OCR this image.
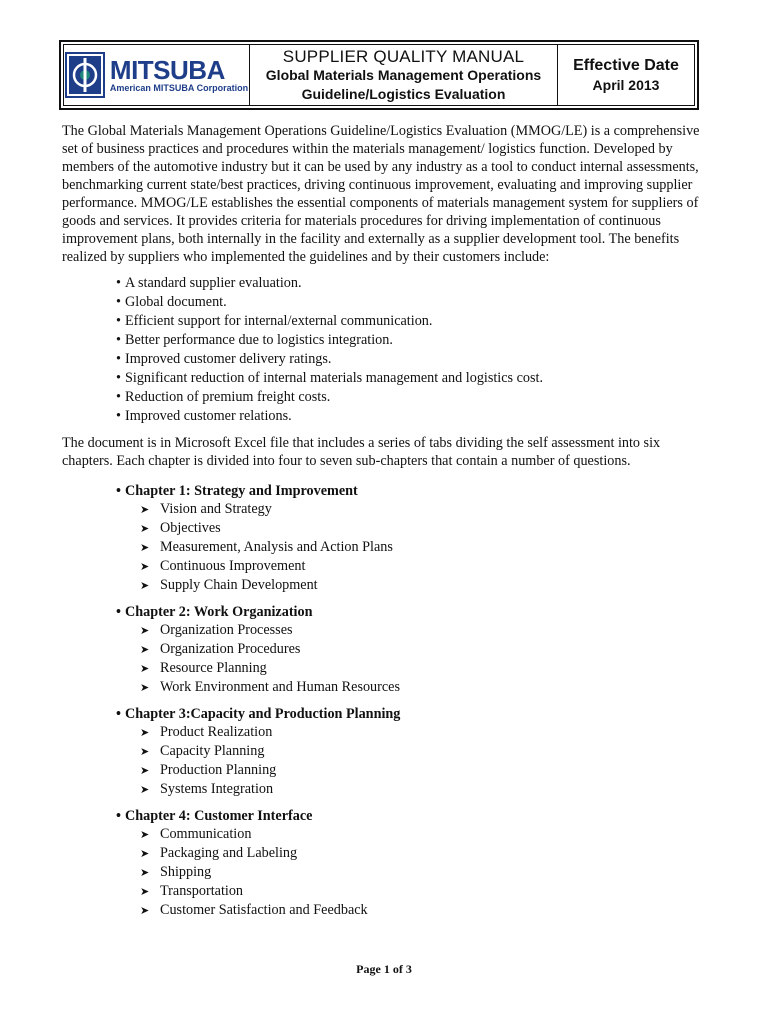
MITSUBA
American MITSUBA Corporation
SUPPLIER QUALITY MANUAL
Global Materials Management Operations
Guideline/Logistics Evaluation
Effective Date
April 2013

The Global Materials Management Operations Guideline/Logistics Evaluation (MMOG/LE) is a comprehensive set of business practices and procedures within the materials management/ logistics function. Developed by members of the automotive industry but it can be used by any industry as a tool to conduct internal assessments, benchmarking current state/best practices, driving continuous improvement, evaluating and improving supplier performance. MMOG/LE establishes the essential components of materials management system for suppliers of goods and services. It provides criteria for materials procedures for driving implementation of continuous improvement plans, both internally in the facility and externally as a supplier development tool. The benefits realized by suppliers who implemented the guidelines and by their customers include:

• A standard supplier evaluation.
• Global document.
• Efficient support for internal/external communication.
• Better performance due to logistics integration.
• Improved customer delivery ratings.
• Significant reduction of internal materials management and logistics cost.
• Reduction of premium freight costs.
• Improved customer relations.

The document is in Microsoft Excel file that includes a series of tabs dividing the self assessment into six chapters. Each chapter is divided into four to seven sub-chapters that contain a number of questions.

• Chapter 1: Strategy and Improvement
➤ Vision and Strategy
➤ Objectives
➤ Measurement, Analysis and Action Plans
➤ Continuous Improvement
➤ Supply Chain Development
• Chapter 2: Work Organization
➤ Organization Processes
➤ Organization Procedures
➤ Resource Planning
➤ Work Environment and Human Resources
• Chapter 3:Capacity and Production Planning
➤ Product Realization
➤ Capacity Planning
➤ Production Planning
➤ Systems Integration
• Chapter 4: Customer Interface
➤ Communication
➤ Packaging and Labeling
➤ Shipping
➤ Transportation
➤ Customer Satisfaction and Feedback
Page 1 of 3
